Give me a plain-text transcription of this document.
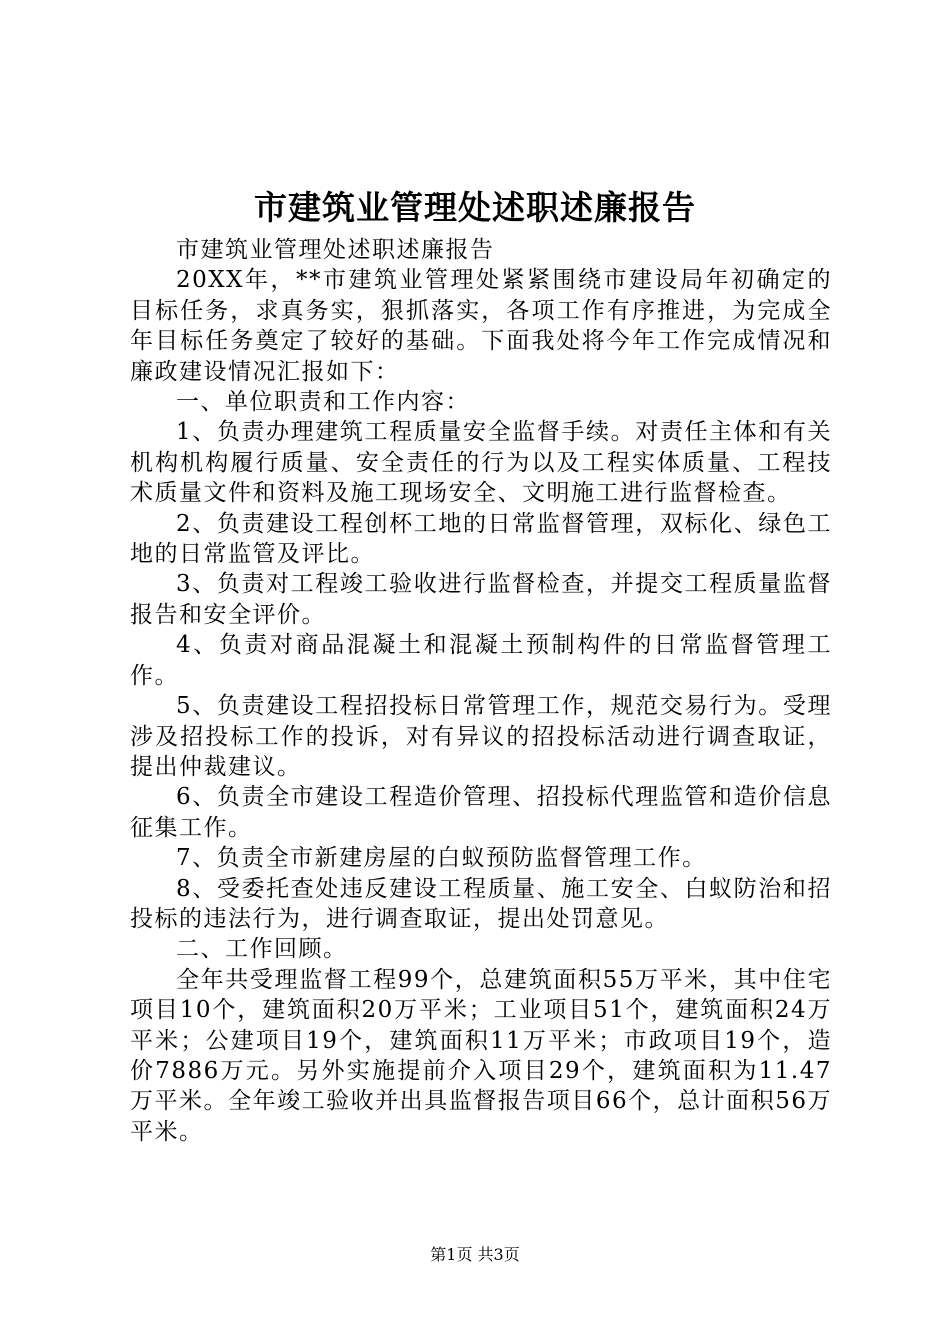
市建筑业管理处述职述廉报告

市建筑业管理处述职述廉报告

20XX年，**市建筑业管理处紧紧围绕市建设局年初确定的目标任务，求真务实，狠抓落实，各项工作有序推进，为完成全年目标任务奠定了较好的基础。下面我处将今年工作完成情况和廉政建设情况汇报如下：

一、单位职责和工作内容：

1、负责办理建筑工程质量安全监督手续。对责任主体和有关机构机构履行质量、安全责任的行为以及工程实体质量、工程技术质量文件和资料及施工现场安全、文明施工进行监督检查。

2、负责建设工程创杯工地的日常监督管理，双标化、绿色工地的日常监管及评比。

3、负责对工程竣工验收进行监督检查，并提交工程质量监督报告和安全评价。

4、负责对商品混凝土和混凝土预制构件的日常监督管理工作。

5、负责建设工程招投标日常管理工作，规范交易行为。受理涉及招投标工作的投诉，对有异议的招投标活动进行调查取证，提出仲裁建议。

6、负责全市建设工程造价管理、招投标代理监管和造价信息征集工作。

7、负责全市新建房屋的白蚁预防监督管理工作。

8、受委托查处违反建设工程质量、施工安全、白蚁防治和招投标的违法行为，进行调查取证，提出处罚意见。

二、工作回顾。

全年共受理监督工程99个，总建筑面积55万平米，其中住宅项目10个，建筑面积20万平米；工业项目51个，建筑面积24万平米；公建项目19个，建筑面积11万平米；市政项目19个，造价7886万元。另外实施提前介入项目29个，建筑面积为11.47万平米。全年竣工验收并出具监督报告项目66个，总计面积56万平米。

第1页 共3页
